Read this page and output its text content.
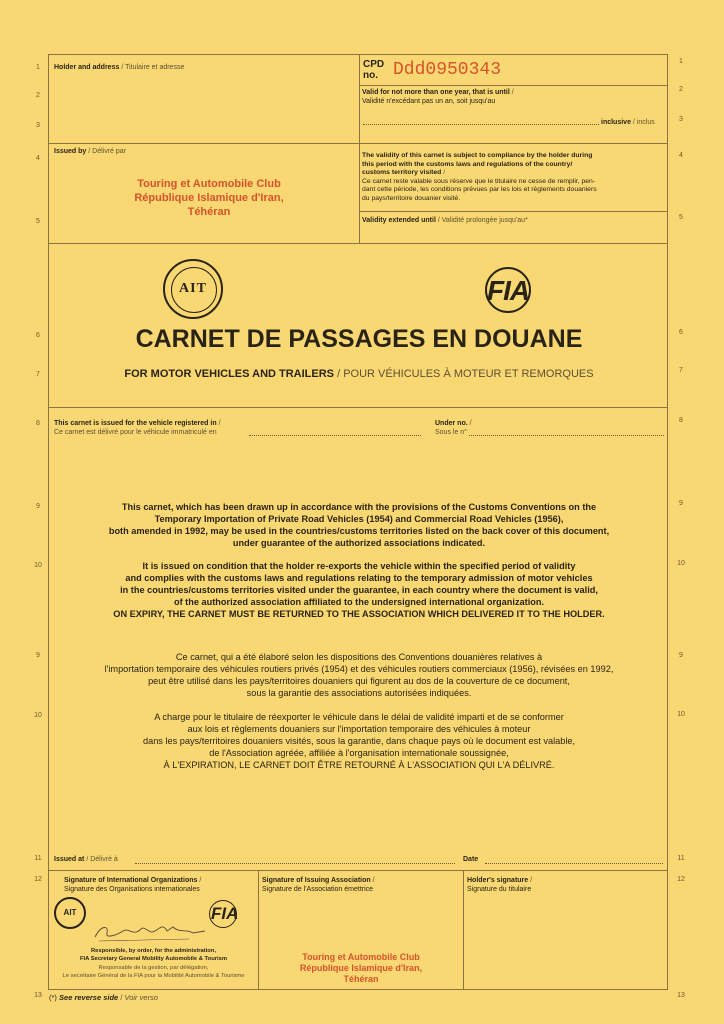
1
2
3
4
5
6
7
8
9
10
9
10
11
12
13
1
2
3
4
5
6
7
8
9
10
9
10
11
12
13
Holder and address / Titulaire et adresse	CPD
no. Ddd0950343
Valid for not more than one year, that is until /
Validité n'excédant pas un an, soit jusqu'au
inclusive / inclus
Issued by / Délivré par
Touring et Automobile Club
République Islamique d'Iran,
Téhéran
The validity of this carnet is subject to compliance by the holder during
this period with the customs laws and regulations of the country/
customs territory visited /
Ce carnet reste valable sous réserve que le titulaire ne cesse de remplir, pen-
dant cette période, les conditions prévues par les lois et règlements douaniers
du pays/territoire douanier visité.
Validity extended until / Validité prolongée jusqu'au*
AIT	FIA
CARNET DE PASSAGES EN DOUANE
FOR MOTOR VEHICLES AND TRAILERS / POUR VÉHICULES À MOTEUR ET REMORQUES
This carnet is issued for the vehicle registered in /
Ce carnet est délivré pour le véhicule immatriculé en
Under no. /
Sous le n°
This carnet, which has been drawn up in accordance with the provisions of the Customs Conventions on the
Temporary Importation of Private Road Vehicles (1954) and Commercial Road Vehicles (1956),
both amended in 1992, may be used in the countries/customs territories listed on the back cover of this document,
under guarantee of the authorized associations indicated.
It is issued on condition that the holder re-exports the vehicle within the specified period of validity
and complies with the customs laws and regulations relating to the temporary admission of motor vehicles
in the countries/customs territories visited under the guarantee, in each country where the document is valid,
of the authorized association affiliated to the undersigned international organization.
ON EXPIRY, THE CARNET MUST BE RETURNED TO THE ASSOCIATION WHICH DELIVERED IT TO THE HOLDER.
Ce carnet, qui a été élaboré selon les dispositions des Conventions douanières relatives à
l'importation temporaire des véhicules routiers privés (1954) et des véhicules routiers commerciaux (1956), révisées en 1992,
peut être utilisé dans les pays/territoires douaniers qui figurent au dos de la couverture de ce document,
sous la garantie des associations autorisées indiquées.
A charge pour le titulaire de réexporter le véhicule dans le délai de validité imparti et de se conformer
aux lois et règlements douaniers sur l'importation temporaire des véhicules à moteur
dans les pays/territoires douaniers visités, sous la garantie, dans chaque pays où le document est valable,
de l'Association agréée, affiliée à l'organisation internationale soussignée,
À L'EXPIRATION, LE CARNET DOIT ÊTRE RETOURNÉ À L'ASSOCIATION QUI L'A DÉLIVRÉ.
Issued at / Délivré à	Date
Signature of International Organizations /
Signature des Organisations internationales
AIT	FIA
Responsible, by order, for the administration,
FIA Secretary General Mobility Automobile & Tourism
Responsable de la gestion, par délégation,
Le secrétaire Général de la FIA pour la Mobilité Automobile & Tourisme
Signature of Issuing Association /
Signature de l'Association émettrice
Touring et Automobile Club
République Islamique d'Iran,
Téhéran
Holder's signature /
Signature du titulaire
(*) See reverse side / Voir verso
